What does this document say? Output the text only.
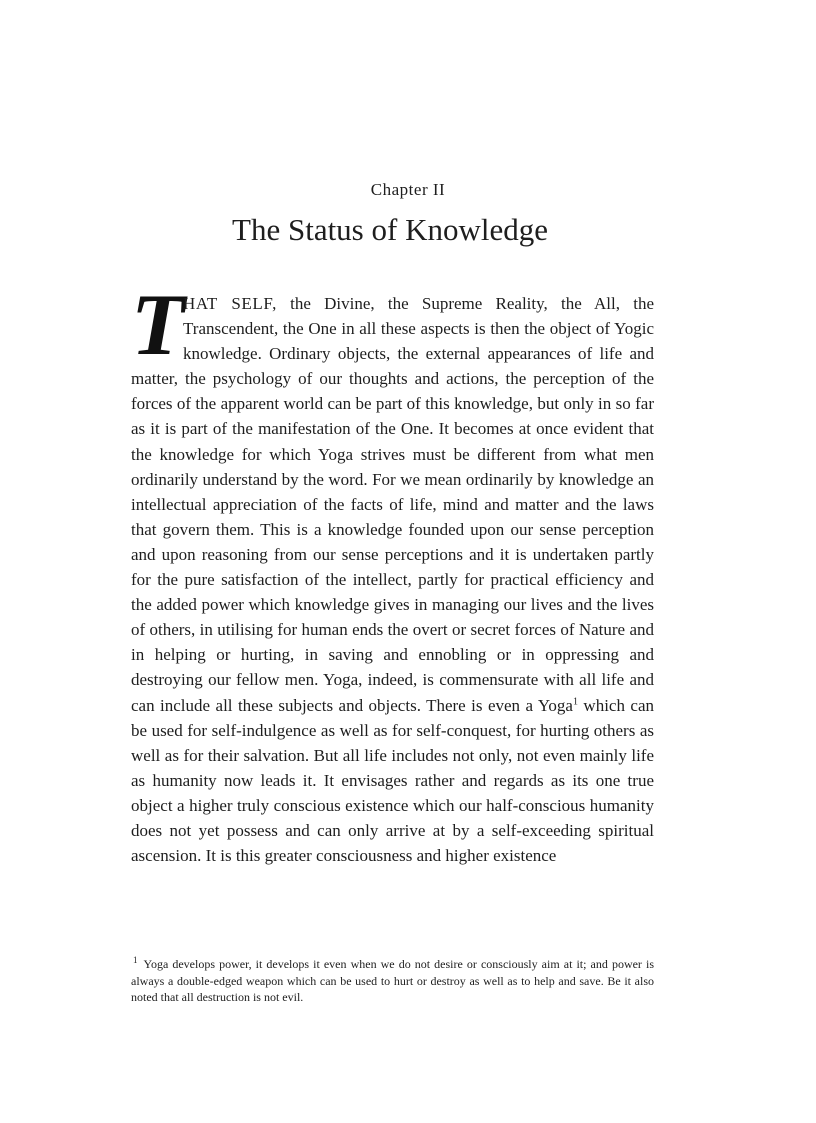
Chapter II
The Status of Knowledge

T
HAT SELF, the Divine, the Supreme Reality, the All, the Transcendent, the One in all these aspects is then the object of Yogic knowledge. Ordinary objects, the external appearances of life and matter, the psychology of our thoughts and actions, the perception of the forces of the apparent world can be part of this knowledge, but only in so far as it is part of the manifestation of the One. It becomes at once evident that the knowledge for which Yoga strives must be different from what men ordinarily understand by the word. For we mean ordinarily by knowledge an intellectual appreciation of the facts of life, mind and matter and the laws that govern them. This is a knowledge founded upon our sense perception and upon reasoning from our sense perceptions and it is undertaken partly for the pure satisfaction of the intellect, partly for practical efficiency and the added power which knowledge gives in managing our lives and the lives of others, in utilising for human ends the overt or secret forces of Nature and in helping or hurting, in saving and ennobling or in oppressing and destroying our fellow men. Yoga, indeed, is commensurate with all life and can include all these subjects and objects. There is even a Yoga$^1$ which can be used for self-indulgence as well as for self-conquest, for hurting others as well as for their salvation. But all life includes not only, not even mainly life as humanity now leads it. It envisages rather and regards as its one true object a higher truly conscious existence which our half-conscious humanity does not yet possess and can only arrive at by a self-exceeding spiritual ascension. It is this greater consciousness and higher existence

$^1$ Yoga develops power, it develops it even when we do not desire or consciously aim at it; and power is always a double-edged weapon which can be used to hurt or destroy as well as to help and save. Be it also noted that all destruction is not evil.
